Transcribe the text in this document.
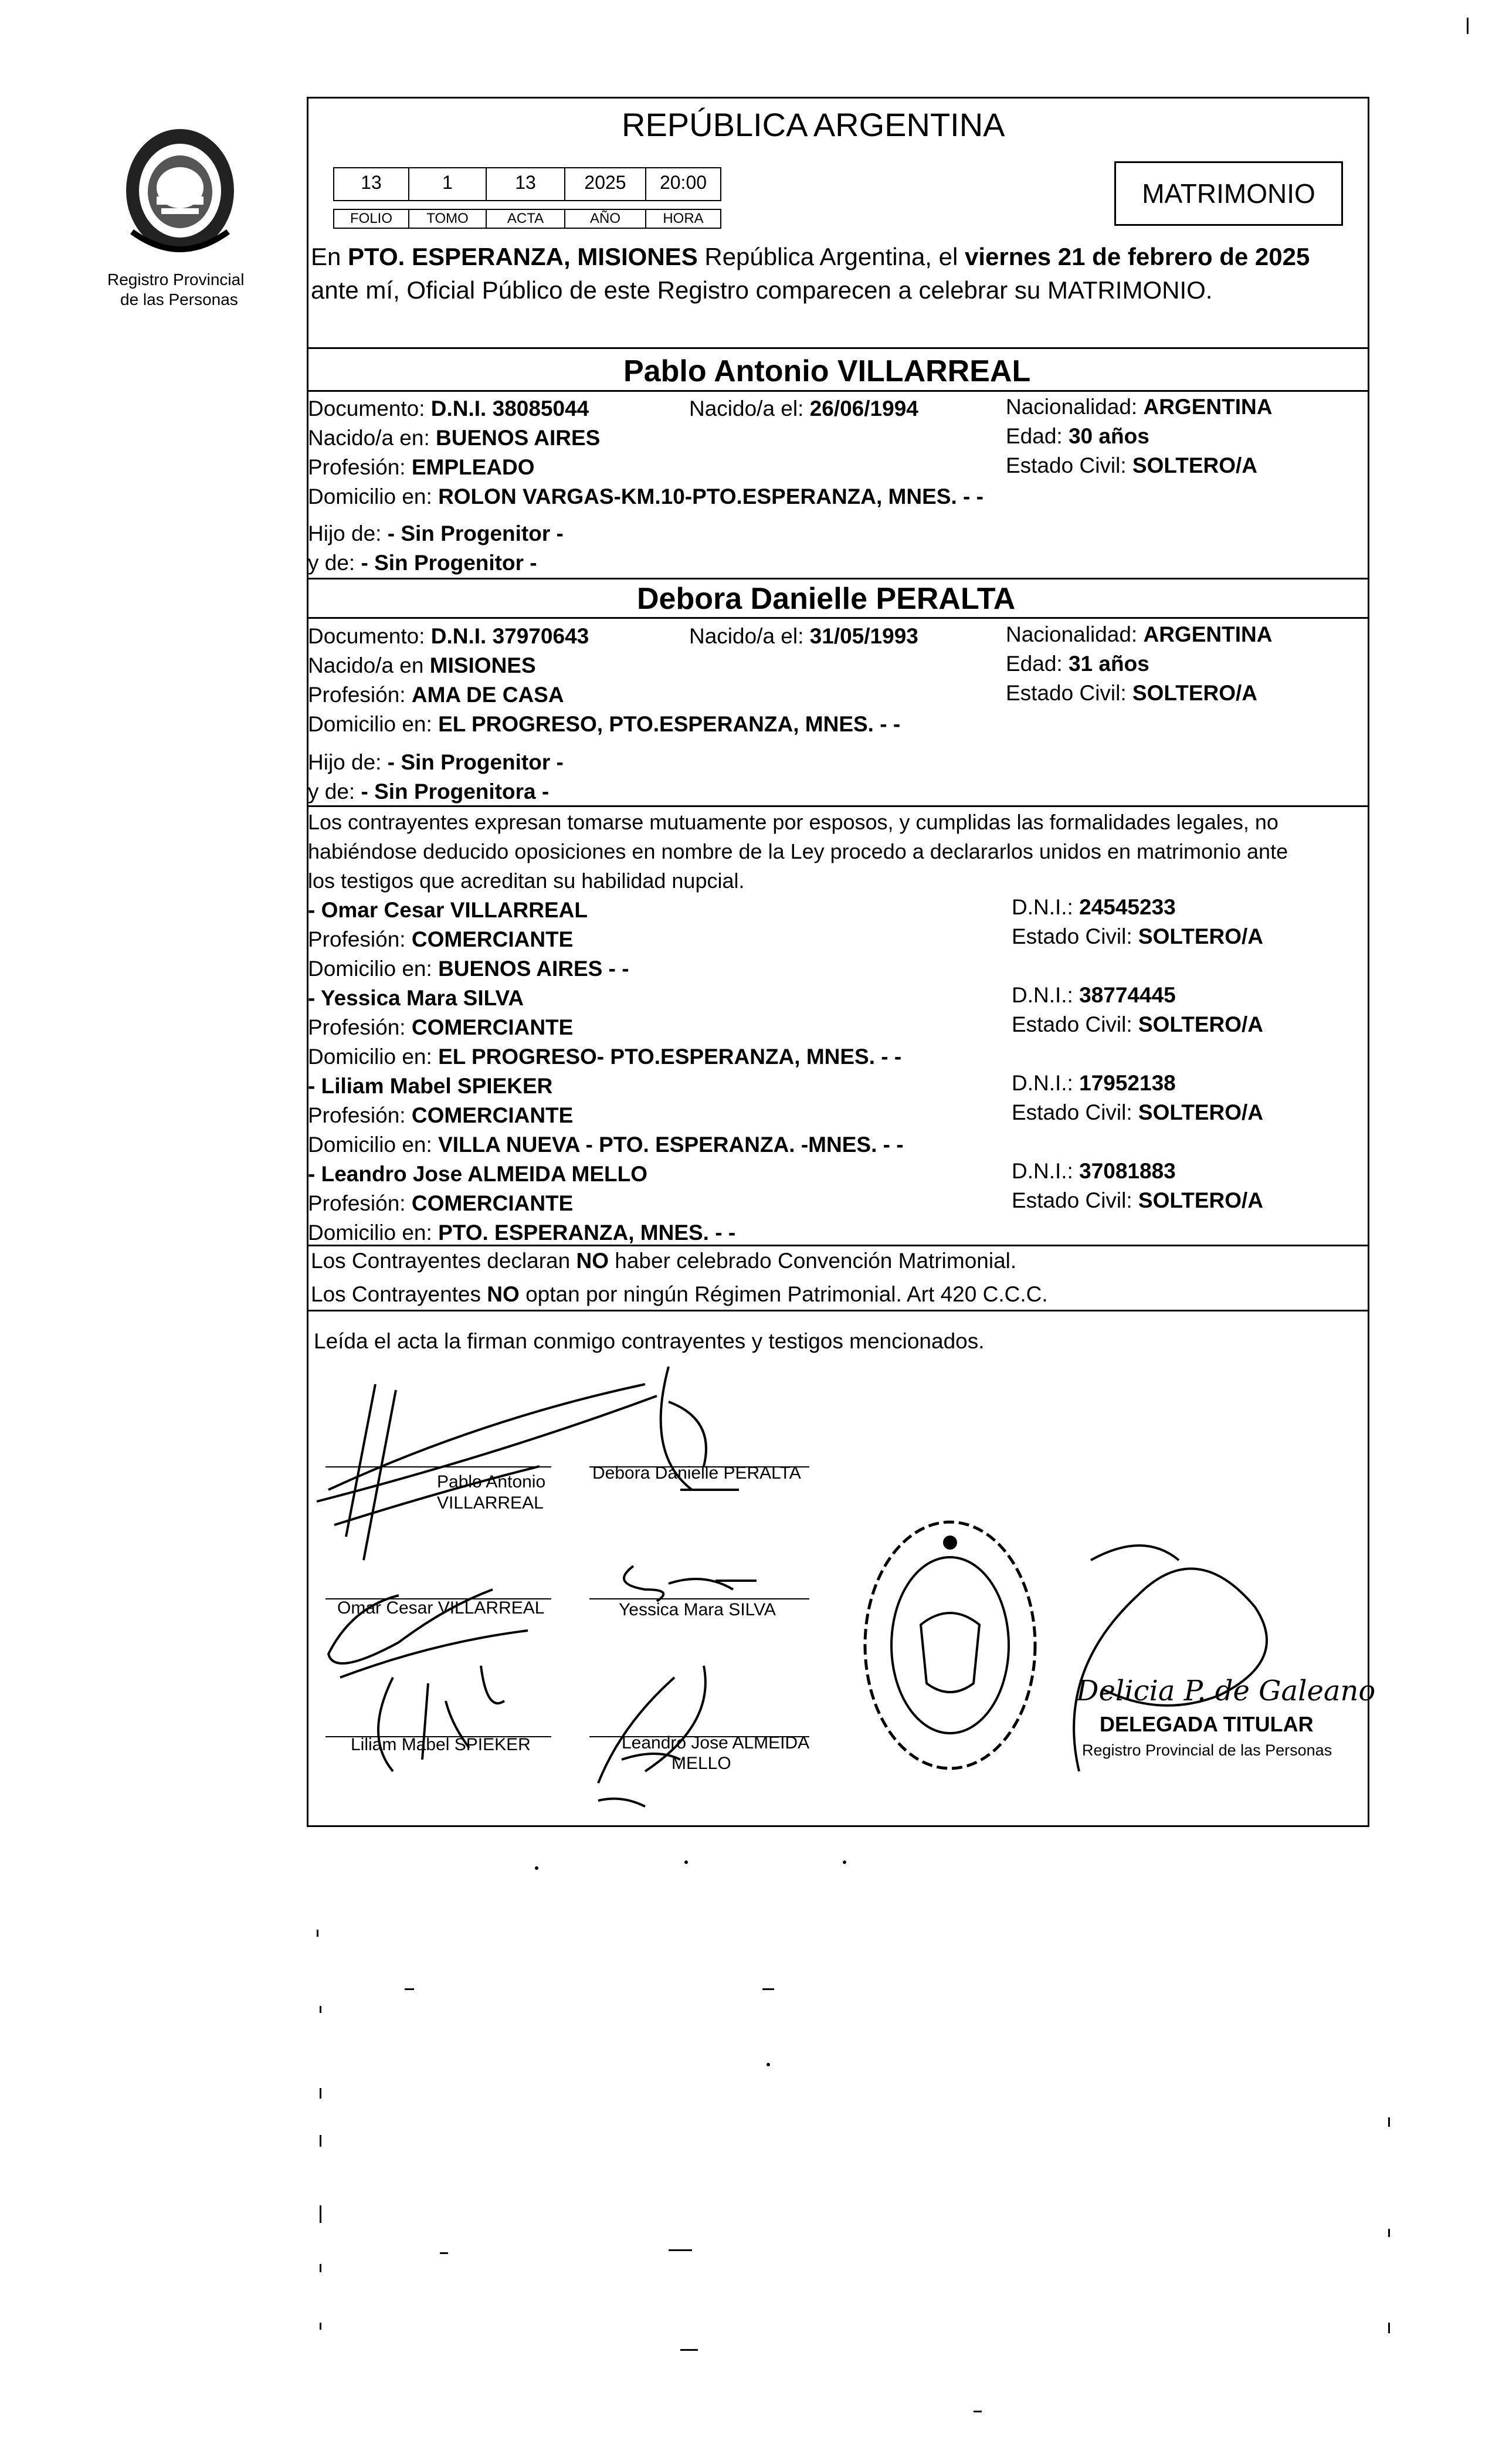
Registro Provincial
de las Personas
REPÚBLICA ARGENTINA
13	1	13	2025	20:00
FOLIO	TOMO	ACTA	AÑO	HORA
MATRIMONIO
En PTO. ESPERANZA, MISIONES República Argentina, el viernes 21 de febrero de 2025
ante mí, Oficial Público de este Registro comparecen a celebrar su MATRIMONIO.
Pablo Antonio VILLARREAL
Documento: D.N.I. 38085044	Nacido/a el: 26/06/1994	Nacionalidad: ARGENTINA
Nacido/a en: BUENOS AIRES	Edad: 30 años
Profesión: EMPLEADO	Estado Civil: SOLTERO/A
Domicilio en: ROLON VARGAS-KM.10-PTO.ESPERANZA, MNES. - -
Hijo de: - Sin Progenitor -
y de: - Sin Progenitor -
Debora Danielle PERALTA
Documento: D.N.I. 37970643	Nacido/a el: 31/05/1993	Nacionalidad: ARGENTINA
Nacido/a en MISIONES	Edad: 31 años
Profesión: AMA DE CASA	Estado Civil: SOLTERO/A
Domicilio en: EL PROGRESO, PTO.ESPERANZA, MNES. - -
Hijo de: - Sin Progenitor -
y de: - Sin Progenitora -
Los contrayentes expresan tomarse mutuamente por esposos, y cumplidas las formalidades legales, no
habiéndose deducido oposiciones en nombre de la Ley procedo a declararlos unidos en matrimonio ante
los testigos que acreditan su habilidad nupcial.
- Omar Cesar VILLARREAL	D.N.I.: 24545233
Profesión: COMERCIANTE	Estado Civil: SOLTERO/A
Domicilio en: BUENOS AIRES - -
- Yessica Mara SILVA	D.N.I.: 38774445
Profesión: COMERCIANTE	Estado Civil: SOLTERO/A
Domicilio en: EL PROGRESO- PTO.ESPERANZA, MNES. - -
- Liliam Mabel SPIEKER	D.N.I.: 17952138
Profesión: COMERCIANTE	Estado Civil: SOLTERO/A
Domicilio en: VILLA NUEVA - PTO. ESPERANZA. -MNES. - -
- Leandro Jose ALMEIDA MELLO	D.N.I.: 37081883
Profesión: COMERCIANTE	Estado Civil: SOLTERO/A
Domicilio en: PTO. ESPERANZA, MNES. - -
Los Contrayentes declaran NO haber celebrado Convención Matrimonial.
Los Contrayentes NO optan por ningún Régimen Patrimonial. Art 420 C.C.C.
Leída el acta la firman conmigo contrayentes y testigos mencionados.
Pablo Antonio
VILLARREAL
Debora Danielle PERALTA
Omar Cesar VILLARREAL	Yessica Mara SILVA
Liliam Mabel SPIEKER	Leandro Jose ALMEIDA
MELLO
Delicia P. de Galeano
DELEGADA TITULAR
Registro Provincial de las Personas
